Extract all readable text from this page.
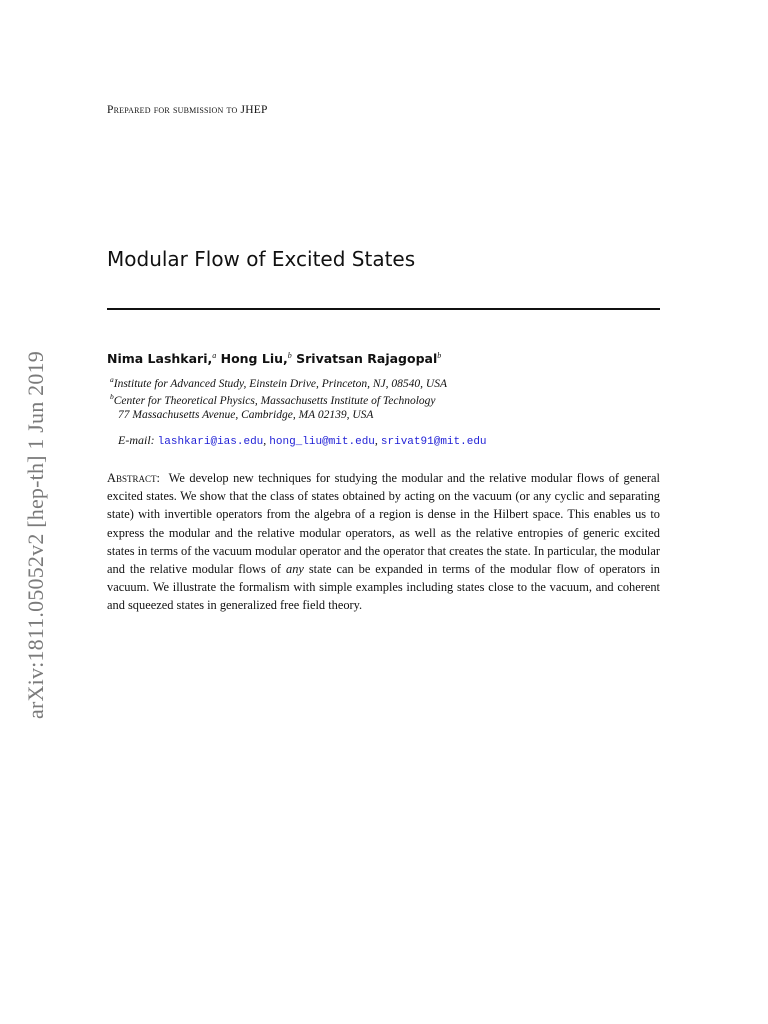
arXiv:1811.05052v2 [hep-th] 1 Jun 2019
Prepared for submission to JHEP
Modular Flow of Excited States
Nima Lashkari,$^a$ Hong Liu,$^b$ Srivatsan Rajagopal$^b$
$^a$Institute for Advanced Study, Einstein Drive, Princeton, NJ, 08540, USA
$^b$Center for Theoretical Physics, Massachusetts Institute of Technology
77 Massachusetts Avenue, Cambridge, MA 02139, USA
E-mail: lashkari@ias.edu, hong_liu@mit.edu, srivat91@mit.edu
Abstract: We develop new techniques for studying the modular and the relative modular flows of general excited states. We show that the class of states obtained by acting on the vacuum (or any cyclic and separating state) with invertible operators from the algebra of a region is dense in the Hilbert space. This enables us to express the modular and the relative modular operators, as well as the relative entropies of generic excited states in terms of the vacuum modular operator and the operator that creates the state. In particular, the modular and the relative modular flows of any state can be expanded in terms of the modular flow of operators in vacuum. We illustrate the formalism with simple examples including states close to the vacuum, and coherent and squeezed states in generalized free field theory.
